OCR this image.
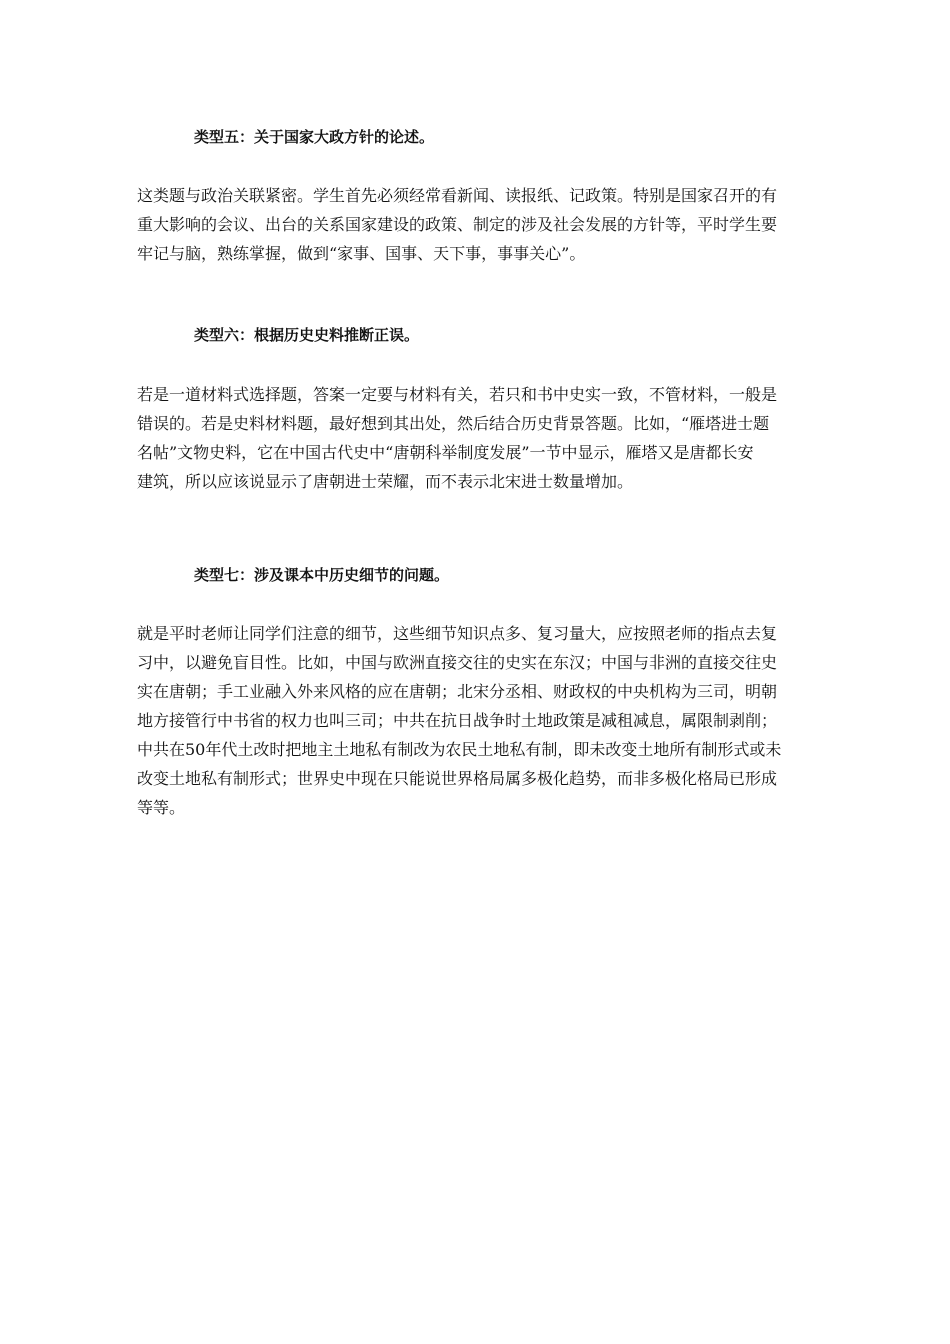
类型五：关于国家大政方针的论述。
这类题与政治关联紧密。学生首先必须经常看新闻、读报纸、记政策。特别是国家召开的有
重大影响的会议、出台的关系国家建设的政策、制定的涉及社会发展的方针等，平时学生要
牢记与脑，熟练掌握，做到“家事、国事、天下事，事事关心”。
类型六：根据历史史料推断正误。
若是一道材料式选择题，答案一定要与材料有关，若只和书中史实一致，不管材料，一般是
错误的。若是史料材料题，最好想到其出处，然后结合历史背景答题。比如，“雁塔进士题
名帖”文物史料，它在中国古代史中“唐朝科举制度发展”一节中显示，雁塔又是唐都长安
建筑，所以应该说显示了唐朝进士荣耀，而不表示北宋进士数量增加。
类型七：涉及课本中历史细节的问题。
就是平时老师让同学们注意的细节，这些细节知识点多、复习量大，应按照老师的指点去复
习中，以避免盲目性。比如，中国与欧洲直接交往的史实在东汉；中国与非洲的直接交往史
实在唐朝；手工业融入外来风格的应在唐朝；北宋分丞相、财政权的中央机构为三司，明朝
地方接管行中书省的权力也叫三司；中共在抗日战争时土地政策是减租减息，属限制剥削；
中共在50年代土改时把地主土地私有制改为农民土地私有制，即未改变土地所有制形式或未
改变土地私有制形式；世界史中现在只能说世界格局属多极化趋势，而非多极化格局已形成
等等。
